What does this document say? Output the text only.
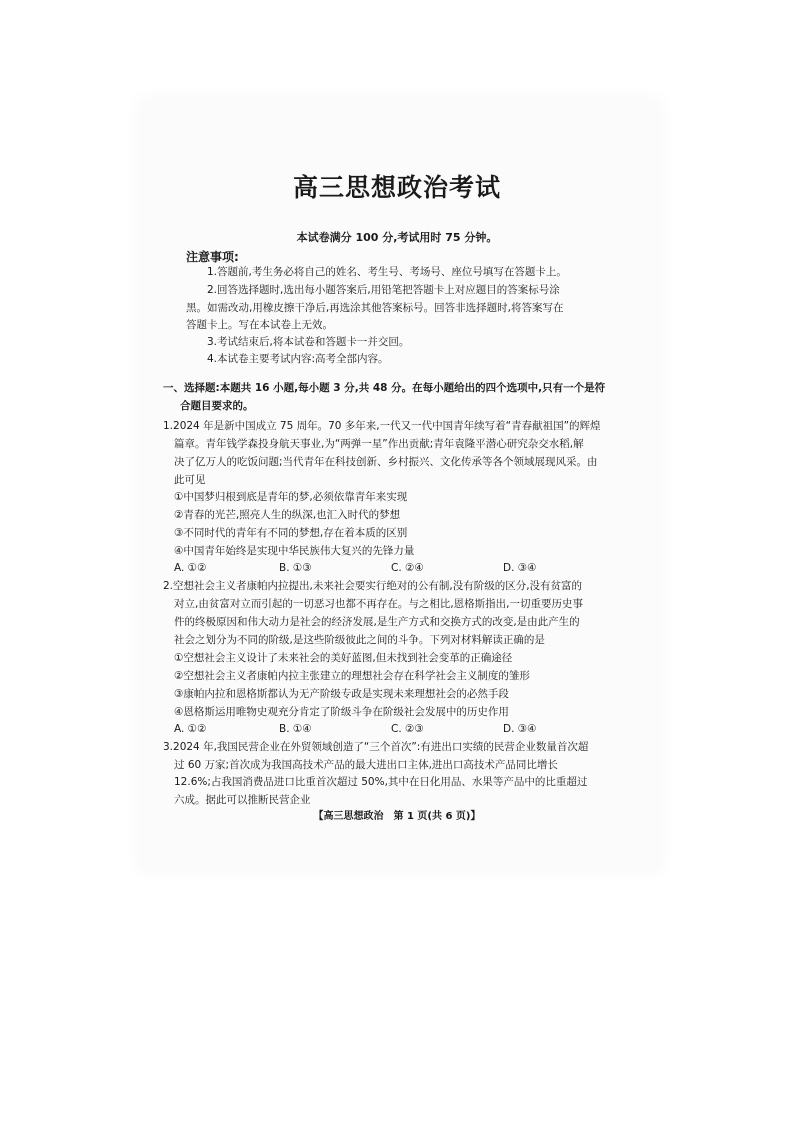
高三思想政治考试
本试卷满分 100 分,考试用时 75 分钟。
注意事项:
1.答题前,考生务必将自己的姓名、考生号、考场号、座位号填写在答题卡上。
2.回答选择题时,选出每小题答案后,用铅笔把答题卡上对应题目的答案标号涂
黑。如需改动,用橡皮擦干净后,再选涂其他答案标号。回答非选择题时,将答案写在
答题卡上。写在本试卷上无效。
3.考试结束后,将本试卷和答题卡一并交回。
4.本试卷主要考试内容:高考全部内容。
一、选择题:本题共 16 小题,每小题 3 分,共 48 分。在每小题给出的四个选项中,只有一个是符
合题目要求的。
1.2024 年是新中国成立 75 周年。70 多年来,一代又一代中国青年续写着“青春献祖国”的辉煌
篇章。青年钱学森投身航天事业,为“两弹一星”作出贡献;青年袁隆平潜心研究杂交水稻,解
决了亿万人的吃饭问题;当代青年在科技创新、乡村振兴、文化传承等各个领域展现风采。由
此可见
①中国梦归根到底是青年的梦,必须依靠青年来实现
②青春的光芒,照亮人生的纵深,也汇入时代的梦想
③不同时代的青年有不同的梦想,存在着本质的区别
④中国青年始终是实现中华民族伟大复兴的先锋力量
A. ①②	B. ①③	C. ②④	D. ③④
2.空想社会主义者康帕内拉提出,未来社会要实行绝对的公有制,没有阶级的区分,没有贫富的
对立,由贫富对立而引起的一切恶习也都不再存在。与之相比,恩格斯指出,一切重要历史事
件的终极原因和伟大动力是社会的经济发展,是生产方式和交换方式的改变,是由此产生的
社会之划分为不同的阶级,是这些阶级彼此之间的斗争。下列对材料解读正确的是
①空想社会主义设计了未来社会的美好蓝图,但未找到社会变革的正确途径
②空想社会主义者康帕内拉主张建立的理想社会存在科学社会主义制度的雏形
③康帕内拉和恩格斯都认为无产阶级专政是实现未来理想社会的必然手段
④恩格斯运用唯物史观充分肯定了阶级斗争在阶级社会发展中的历史作用
A. ①②	B. ①④	C. ②③	D. ③④
3.2024 年,我国民营企业在外贸领域创造了“三个首次”:有进出口实绩的民营企业数量首次超
过 60 万家;首次成为我国高技术产品的最大进出口主体,进出口高技术产品同比增长
12.6%;占我国消费品进口比重首次超过 50%,其中在日化用品、水果等产品中的比重超过
六成。据此可以推断民营企业
【高三思想政治　第 1 页(共 6 页)】
